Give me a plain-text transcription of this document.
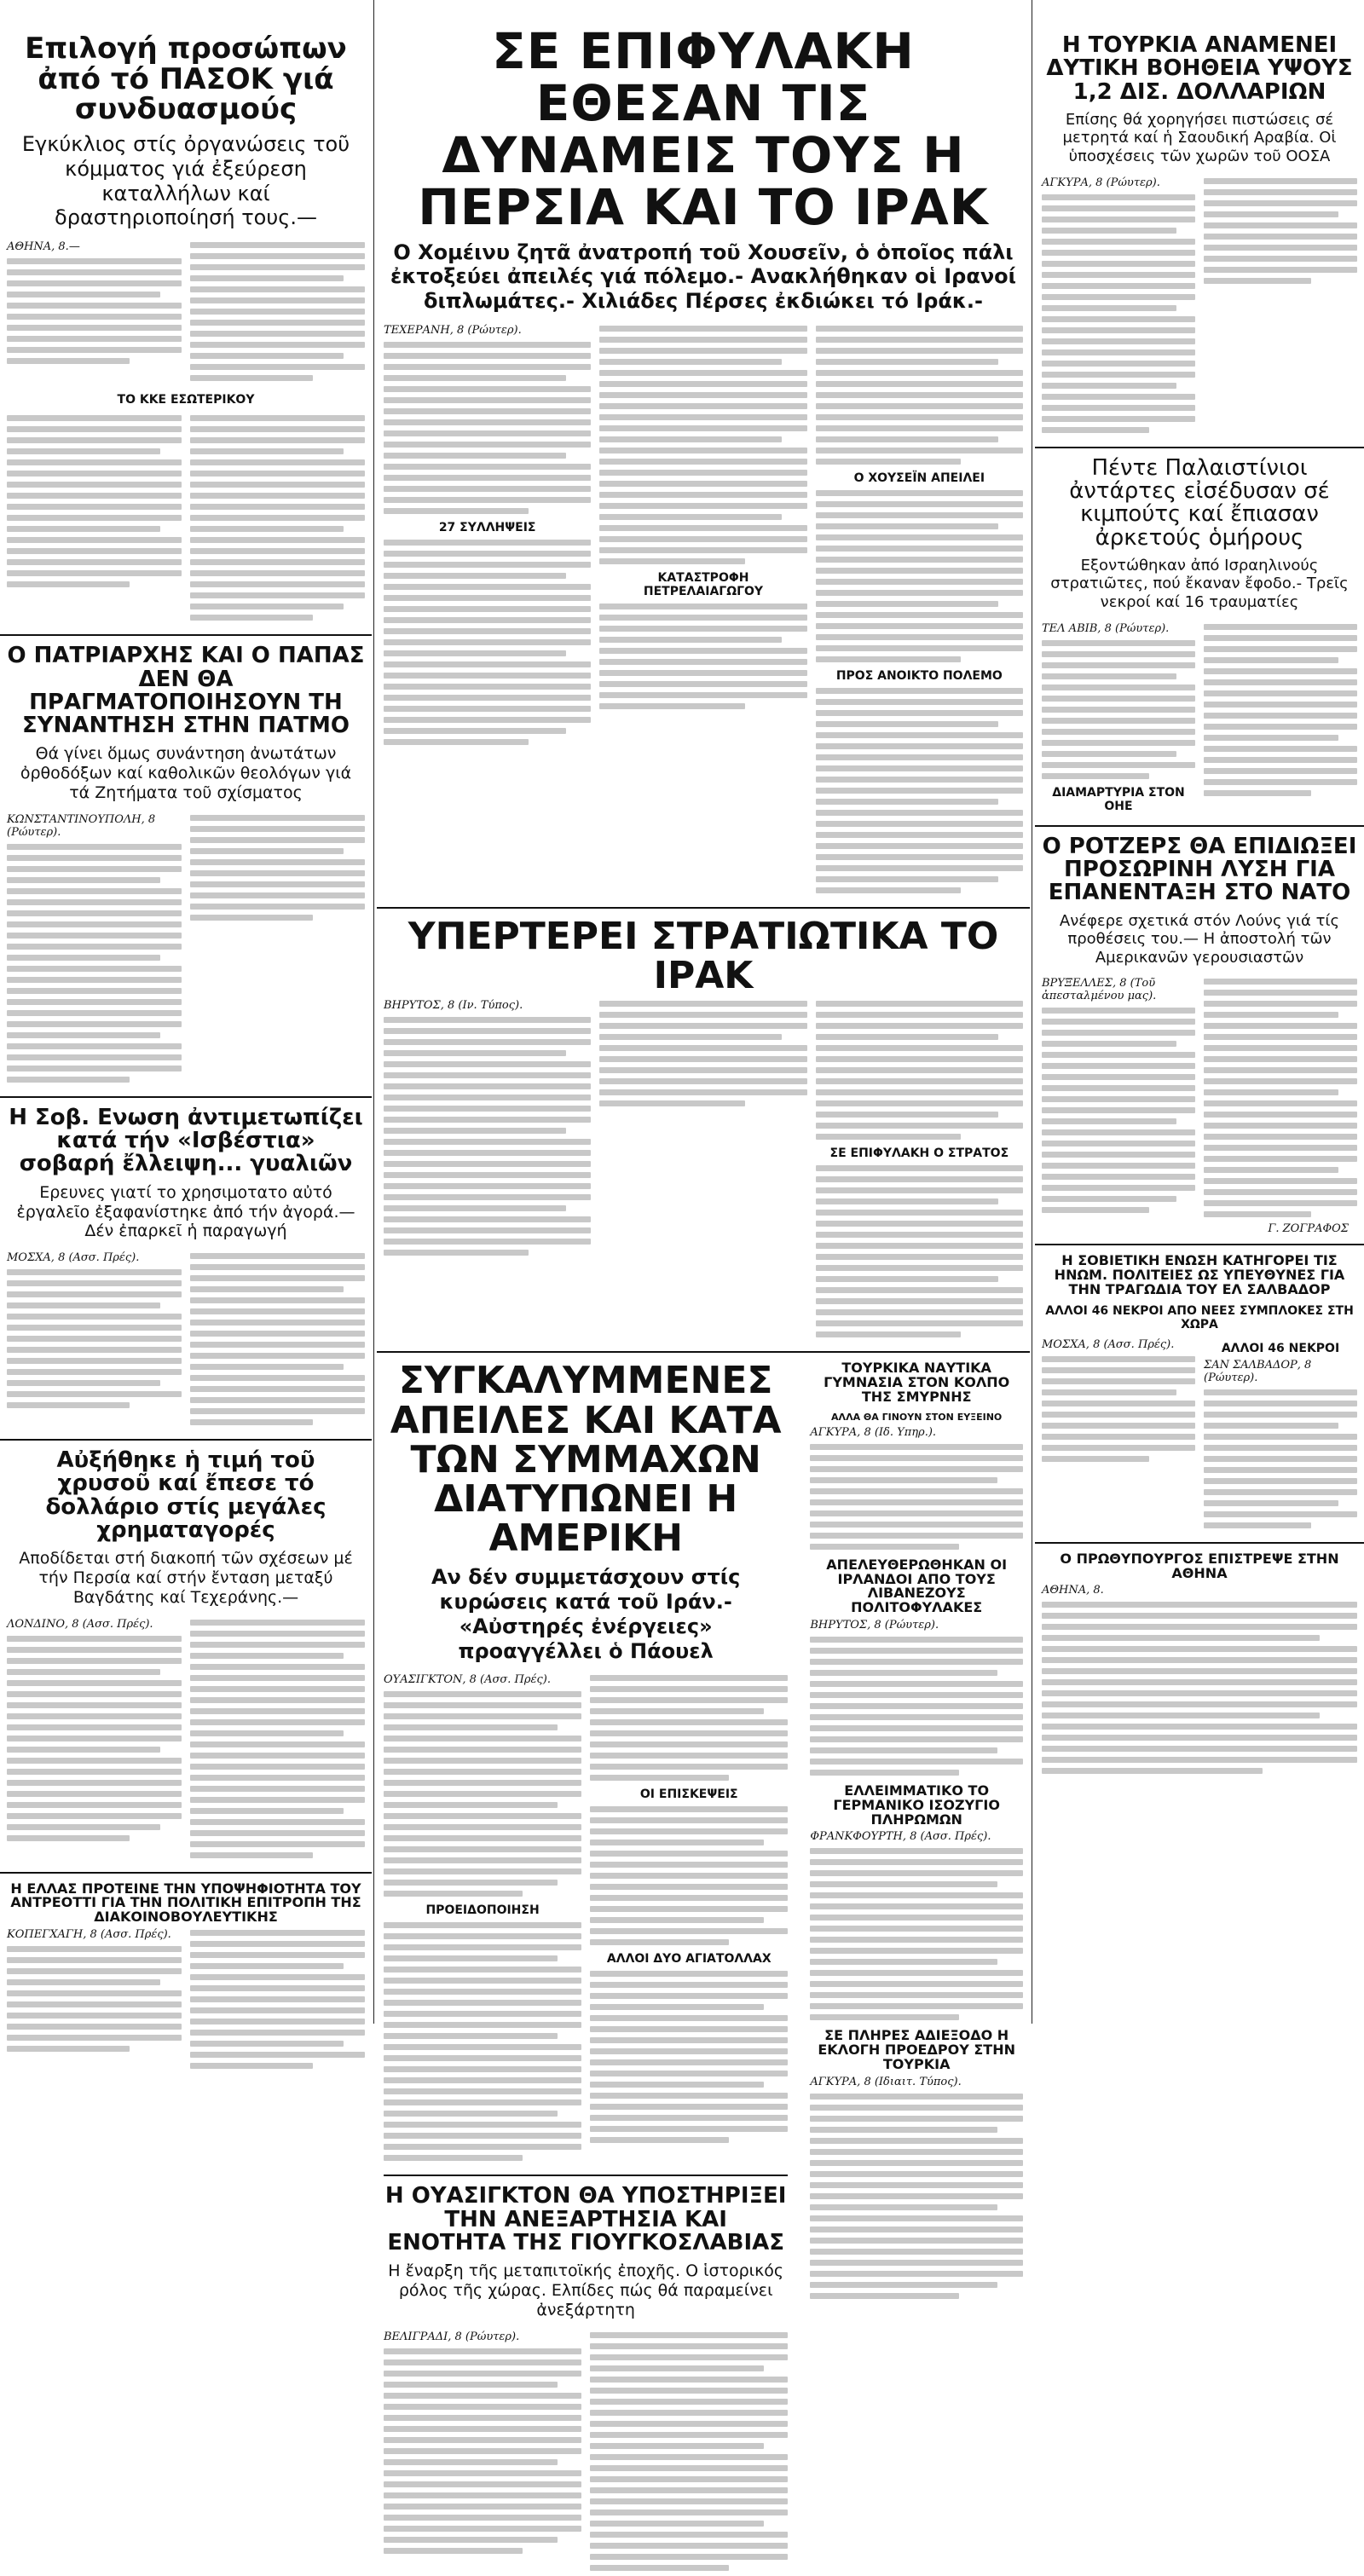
Επιλογή προσώπων ἀπό τό ΠΑΣΟΚ γιά συνδυασμούς
Εγκύκλιος στίς ὀργανώσεις τοῦ κόμματος γιά ἐξεύρεση καταλλήλων καί δραστηριοποίησή τους.—
ΑΘΗΝΑ, 8.—
ΤΟ ΚΚΕ ΕΣΩΤΕΡΙΚΟΥ
Ο ΠΑΤΡΙΑΡΧΗΣ ΚΑΙ Ο ΠΑΠΑΣ ΔΕΝ ΘΑ ΠΡΑΓΜΑΤΟΠΟΙΗΣΟΥΝ ΤΗ ΣΥΝΑΝΤΗΣΗ ΣΤΗΝ ΠΑΤΜΟ
Θά γίνει ὅμως συνάντηση ἀνωτάτων ὀρθοδόξων καί καθολικῶν θεολόγων γιά τά Ζητήματα τοῦ σχίσματος
ΚΩΝΣΤΑΝΤΙΝΟΥΠΟΛΗ, 8 (Ρώυτερ).
Η Σοβ. Ενωση ἀντιμετωπίζει κατά τήν «Ισβέστια» σοβαρή ἔλλειψη... γυαλιῶν
Ερευνες γιατί το χρησιμοτατο αὐτό ἐργαλεῖο ἐξαφανίστηκε ἀπό τήν ἀγορά.— Δέν ἐπαρκεῖ ἡ παραγωγή
ΜΟΣΧΑ, 8 (Ασσ. Πρές).
Αὐξήθηκε ἡ τιμή τοῦ χρυσοῦ καί ἔπεσε τό δολλάριο στίς μεγάλες χρηματαγορές
Αποδίδεται στή διακοπή τῶν σχέσεων μέ τήν Περσία καί στήν ἔνταση μεταξύ Βαγδάτης καί Τεχεράνης.—
ΛΟΝΔΙΝΟ, 8 (Ασσ. Πρές).
Η ΕΛΛΑΣ ΠΡΟΤΕΙΝΕ ΤΗΝ ΥΠΟΨΗΦΙΟΤΗΤΑ ΤΟΥ ΑΝΤΡΕΟΤΤΙ ΓΙΑ ΤΗΝ ΠΟΛΙΤΙΚΗ ΕΠΙΤΡΟΠΗ ΤΗΣ ΔΙΑΚΟΙΝΟΒΟΥΛΕΥΤΙΚΗΣ
ΚΟΠΕΓΧΑΓΗ, 8 (Ασσ. Πρές).
ΣΕ ΕΠΙΦΥΛΑΚΗ ΕΘΕΣΑΝ ΤΙΣ ΔΥΝΑΜΕΙΣ ΤΟΥΣ Η ΠΕΡΣΙΑ ΚΑΙ ΤΟ ΙΡΑΚ
Ο Χομέινυ ζητᾶ ἀνατροπή τοῦ Χουσεῖν, ὁ ὁποῖος πάλι ἐκτοξεύει ἀπειλές γιά πόλεμο.- Ανακλήθηκαν οἱ Ιρανοί διπλωμάτες.- Χιλιάδες Πέρσες ἐκδιώκει τό Ιράκ.-
ΤΕΧΕΡΑΝΗ, 8 (Ρώυτερ).
27 ΣΥΛΛΗΨΕΙΣ
ΚΑΤΑΣΤΡΟΦΗ ΠΕΤΡΕΛΑΙΑΓΩΓΟΥ
Ο ΧΟΥΣΕΪΝ ΑΠΕΙΛΕΙ
ΠΡΟΣ ΑΝΟΙΚΤΟ ΠΟΛΕΜΟ
ΥΠΕΡΤΕΡΕΙ ΣΤΡΑΤΙΩΤΙΚΑ ΤΟ ΙΡΑΚ
ΒΗΡΥΤΟΣ, 8 (Ιν. Τύπος).
ΣΕ ΕΠΙΦΥΛΑΚΗ Ο ΣΤΡΑΤΟΣ
ΣΥΓΚΑΛΥΜΜΕΝΕΣ ΑΠΕΙΛΕΣ ΚΑΙ ΚΑΤΑ ΤΩΝ ΣΥΜΜΑΧΩΝ ΔΙΑΤΥΠΩΝΕΙ Η ΑΜΕΡΙΚΗ
Αν δέν συμμετάσχουν στίς κυρώσεις κατά τοῦ Ιράν.- «Αὐστηρές ἐνέργειες» προαγγέλλει ὁ Πάουελ
ΟΥΑΣΙΓΚΤΟΝ, 8 (Ασσ. Πρές).
ΠΡΟΕΙΔΟΠΟΙΗΣΗ
ΟΙ ΕΠΙΣΚΕΨΕΙΣ
ΑΛΛΟΙ ΔΥΟ ΑΓΙΑΤΟΛΛΑΧ
Η ΟΥΑΣΙΓΚΤΟΝ ΘΑ ΥΠΟΣΤΗΡΙΞΕΙ ΤΗΝ ΑΝΕΞΑΡΤΗΣΙΑ ΚΑΙ ΕΝΟΤΗΤΑ ΤΗΣ ΓΙΟΥΓΚΟΣΛΑΒΙΑΣ
Η ἔναρξη τῆς μεταπιτοϊκής ἐποχῆς. Ο ἱστορικός ρόλος τῆς χώρας. Ελπίδες πώς θά παραμείνει ἀνεξάρτητη
ΒΕΛΙΓΡΑΔΙ, 8 (Ρώυτερ).
ΤΟΥΡΚΙΚΑ ΝΑΥΤΙΚΑ ΓΥΜΝΑΣΙΑ ΣΤΟΝ ΚΟΛΠΟ ΤΗΣ ΣΜΥΡΝΗΣ
ΑΛΛΑ ΘΑ ΓΙΝΟΥΝ ΣΤΟΝ ΕΥΞΕΙΝΟ
ΑΓΚΥΡΑ, 8 (Ιδ. Υπηρ.).
ΑΠΕΛΕΥΘΕΡΩΘΗΚΑΝ ΟΙ ΙΡΛΑΝΔΟΙ ΑΠΟ ΤΟΥΣ ΛΙΒΑΝΕΖΟΥΣ ΠΟΛΙΤΟΦΥΛΑΚΕΣ
ΒΗΡΥΤΟΣ, 8 (Ρώυτερ).
ΕΛΛΕΙΜΜΑΤΙΚΟ ΤΟ ΓΕΡΜΑΝΙΚΟ ΙΣΟΖΥΓΙΟ ΠΛΗΡΩΜΩΝ
ΦΡΑΝΚΦΟΥΡΤΗ, 8 (Ασσ. Πρές).
ΣΕ ΠΛΗΡΕΣ ΑΔΙΕΞΟΔΟ Η ΕΚΛΟΓΗ ΠΡΟΕΔΡΟΥ ΣΤΗΝ ΤΟΥΡΚΙΑ
ΑΓΚΥΡΑ, 8 (Ιδιαιτ. Τύπος).
Η ΤΟΥΡΚΙΑ ΑΝΑΜΕΝΕΙ ΔΥΤΙΚΗ ΒΟΗΘΕΙΑ ΥΨΟΥΣ 1,2 ΔΙΣ. ΔΟΛΛΑΡΙΩΝ
Επίσης θά χορηγήσει πιστώσεις σέ μετρητά καί ἡ Σαουδική Αραβία. Οἱ ὑποσχέσεις τῶν χωρῶν τοῦ ΟΟΣΑ
ΑΓΚΥΡΑ, 8 (Ρώυτερ).
Πέντε Παλαιστίνιοι ἀντάρτες εἰσέδυσαν σέ κιμπούτς καί ἔπιασαν ἀρκετούς ὁμήρους
Εξοντώθηκαν ἀπό Ισραηλινούς στρατιῶτες, πού ἔκαναν ἔφοδο.- Τρεῖς νεκροί καί 16 τραυματίες
ΤΕΛ ΑΒΙΒ, 8 (Ρώυτερ).
ΔΙΑΜΑΡΤΥΡΙΑ ΣΤΟΝ ΟΗΕ
Ο ΡΟΤΖΕΡΣ ΘΑ ΕΠΙΔΙΩΞΕΙ ΠΡΟΣΩΡΙΝΗ ΛΥΣΗ ΓΙΑ ΕΠΑΝΕΝΤΑΞΗ ΣΤΟ ΝΑΤΟ
Ανέφερε σχετικά στόν Λούνς γιά τίς προθέσεις του.— Η ἀποστολή τῶν Αμερικανῶν γερουσιαστῶν
ΒΡΥΞΕΛΛΕΣ, 8 (Τοῦ ἀπεσταλμένου μας).
Γ. ΖΟΓΡΑΦΟΣ
Η ΣΟΒΙΕΤΙΚΗ ΕΝΩΣΗ ΚΑΤΗΓΟΡΕΙ ΤΙΣ ΗΝΩΜ. ΠΟΛΙΤΕΙΕΣ ΩΣ ΥΠΕΥΘΥΝΕΣ ΓΙΑ ΤΗΝ ΤΡΑΓΩΔΙΑ ΤΟΥ ΕΛ ΣΑΛΒΑΔΟΡ
ΑΛΛΟΙ 46 ΝΕΚΡΟΙ ΑΠΟ ΝΕΕΣ ΣΥΜΠΛΟΚΕΣ ΣΤΗ ΧΩΡΑ
ΜΟΣΧΑ, 8 (Ασσ. Πρές).	ΑΛΛΟΙ 46 ΝΕΚΡΟΙ
ΣΑΝ ΣΑΛΒΑΔΟΡ, 8 (Ρώυτερ).
Ο ΠΡΩΘΥΠΟΥΡΓΟΣ ΕΠΙΣΤΡΕΨΕ ΣΤΗΝ ΑΘΗΝΑ
ΑΘΗΝΑ, 8.
